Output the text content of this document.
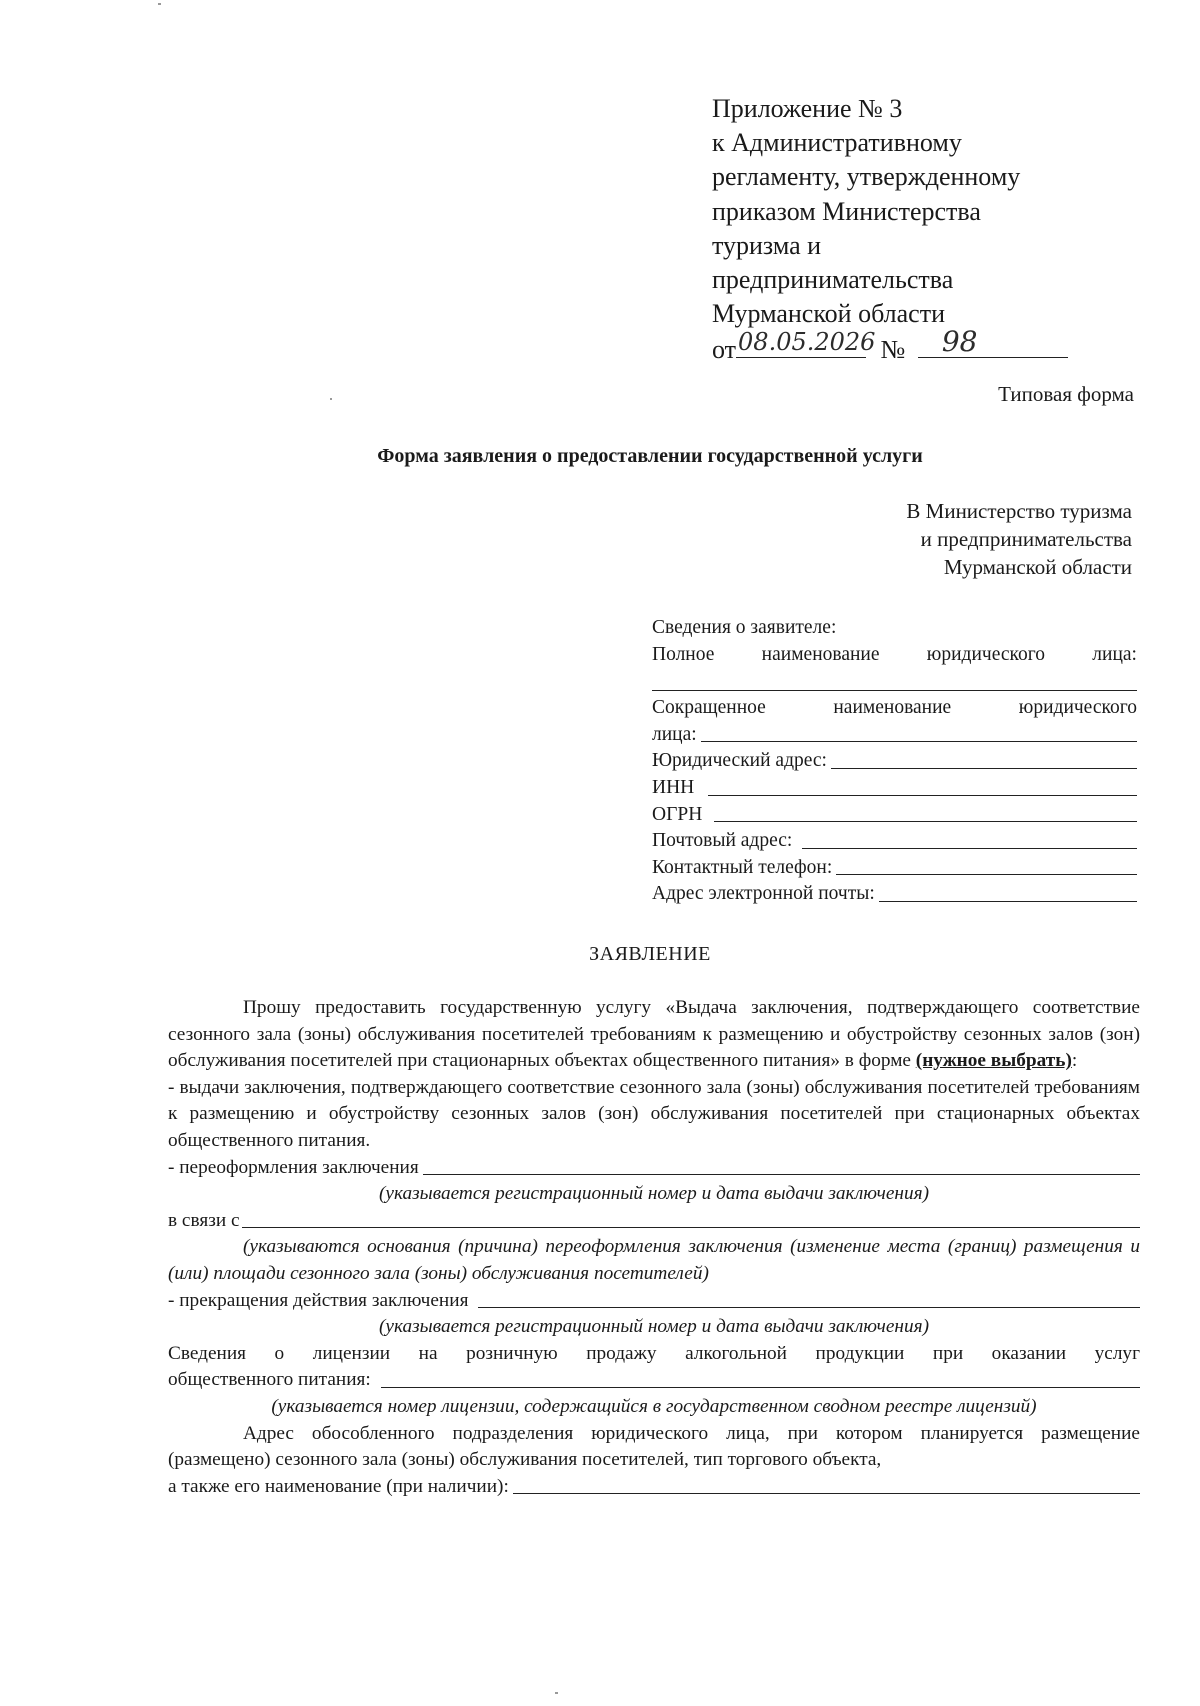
Приложение № 3
к Административному
регламенту, утвержденному
приказом Министерства
туризма и
предпринимательства
Мурманской области
от 08.05.2026 № 98
Типовая форма
Форма заявления о предоставлении государственной услуги
В Министерство туризма
и предпринимательства
Мурманской области
Сведения о заявителе:
Полное наименование юридического лица:
Сокращенное	наименование	юридического
лица:
Юридический адрес:
ИНН
ОГРН
Почтовый адрес:
Контактный телефон:
Адрес электронной почты:
ЗАЯВЛЕНИЕ

Прошу предоставить государственную услугу «Выдача заключения, подтверждающего соответствие сезонного зала (зоны) обслуживания посетителей требованиям к размещению и обустройству сезонных залов (зон) обслуживания посетителей при стационарных объектах общественного питания» в форме (нужное выбрать):

- выдачи заключения, подтверждающего соответствие сезонного зала (зоны) обслуживания посетителей требованиям к размещению и обустройству сезонных залов (зон) обслуживания посетителей при стационарных объектах общественного питания.

- переоформления заключения
(указывается регистрационный номер и дата выдачи заключения)
в связи с

(указываются основания (причина) переоформления заключения (изменение места (границ) размещения и (или) площади сезонного зала (зоны) обслуживания посетителей)

- прекращения действия заключения
(указывается регистрационный номер и дата выдачи заключения)

Сведения о лицензии на розничную продажу алкогольной продукции при оказании услуг

общественного питания:
(указывается номер лицензии, содержащийся в государственном сводном реестре лицензий)

Адрес обособленного подразделения юридического лица, при котором планируется размещение (размещено) сезонного зала (зоны) обслуживания посетителей, тип торгового объекта,

а также его наименование (при наличии):
